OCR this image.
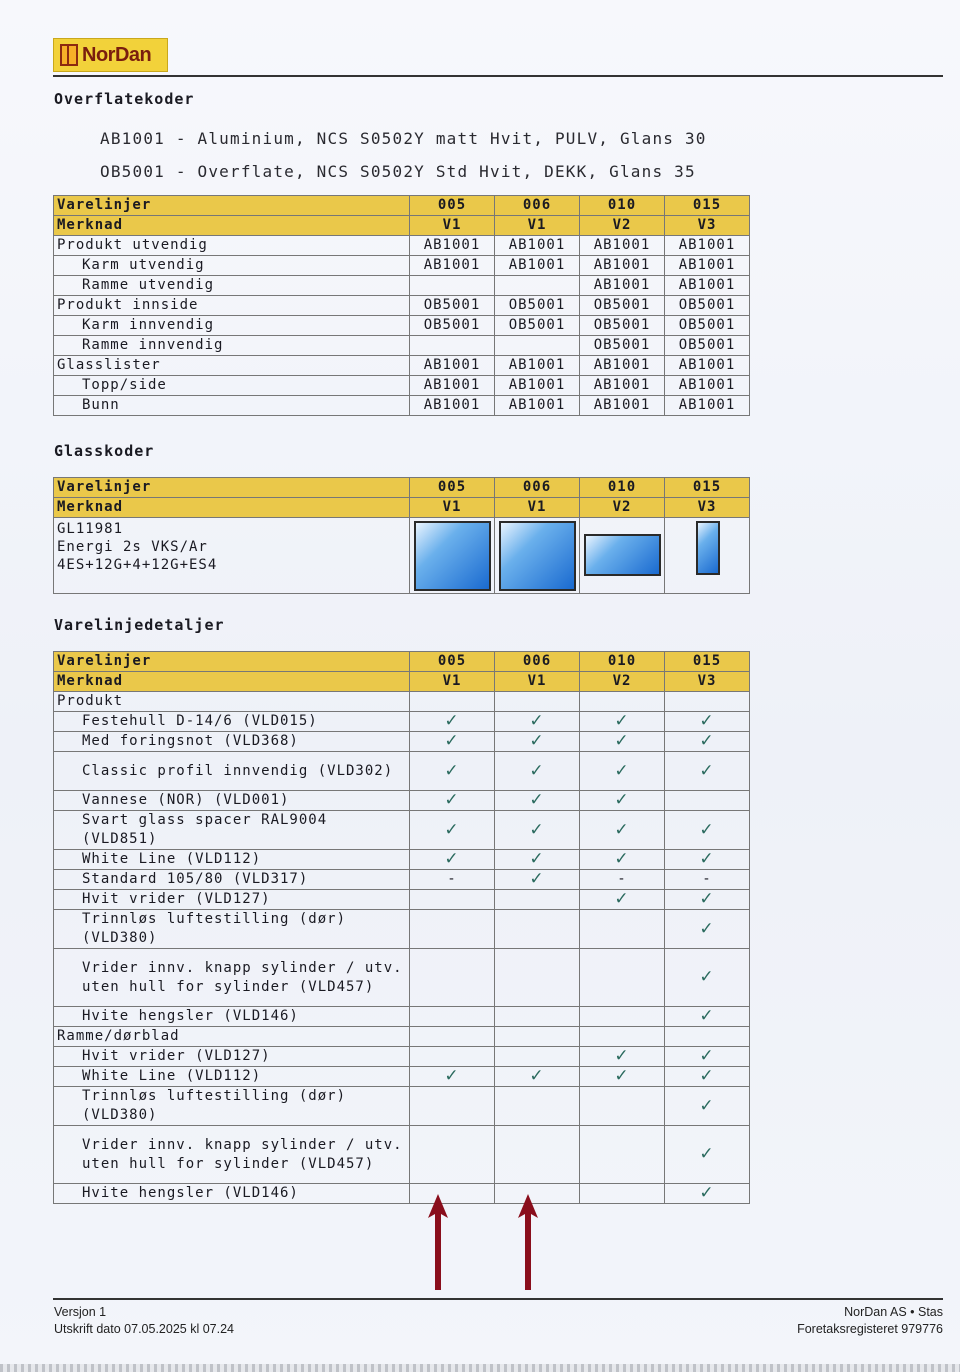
NorDan
Overflatekoder
AB1001 - Aluminium, NCS S0502Y matt Hvit, PULV, Glans 30
OB5001 - Overflate, NCS S0502Y Std Hvit, DEKK, Glans 35
Varelinjer	005	006	010	015
Merknad	V1	V1	V2	V3
Produkt utvendig	AB1001	AB1001	AB1001	AB1001
Karm utvendig	AB1001	AB1001	AB1001	AB1001
Ramme utvendig			AB1001	AB1001
Produkt innside	OB5001	OB5001	OB5001	OB5001
Karm innvendig	OB5001	OB5001	OB5001	OB5001
Ramme innvendig			OB5001	OB5001
Glasslister	AB1001	AB1001	AB1001	AB1001
Topp/side	AB1001	AB1001	AB1001	AB1001
Bunn	AB1001	AB1001	AB1001	AB1001
Glasskoder
Varelinjer	005	006	010	015
Merknad	V1	V1	V2	V3

GL11981
Energi 2s VKS/Ar
4ES+12G+4+12G+ES4				

Varelinjedetaljer
Varelinjer	005	006	010	015
Merknad	V1	V1	V2	V3
Produkt				
Festehull D-14/6 (VLD015)	✓	✓	✓	✓
Med foringsnot (VLD368)	✓	✓	✓	✓
Classic profil innvendig (VLD302)	✓	✓	✓	✓
Vannese (NOR) (VLD001)	✓	✓	✓	
Svart glass spacer RAL9004 (VLD851)	✓	✓	✓	✓
White Line (VLD112)	✓	✓	✓	✓
Standard 105/80 (VLD317)	-	✓	-	-
Hvit vrider (VLD127)			✓	✓
Trinnløs luftestilling (dør) (VLD380)				✓
Vrider innv. knapp sylinder / utv. uten hull for sylinder (VLD457)				✓
Hvite hengsler (VLD146)				✓
Ramme/dørblad				
Hvit vrider (VLD127)			✓	✓
White Line (VLD112)	✓	✓	✓	✓
Trinnløs luftestilling (dør) (VLD380)				✓
Vrider innv. knapp sylinder / utv. uten hull for sylinder (VLD457)				✓
Hvite hengsler (VLD146)				✓
Versjon 1
Utskrift dato 07.05.2025 kl 07.24
NorDan AS • Stas
Foretaksregisteret 979776
